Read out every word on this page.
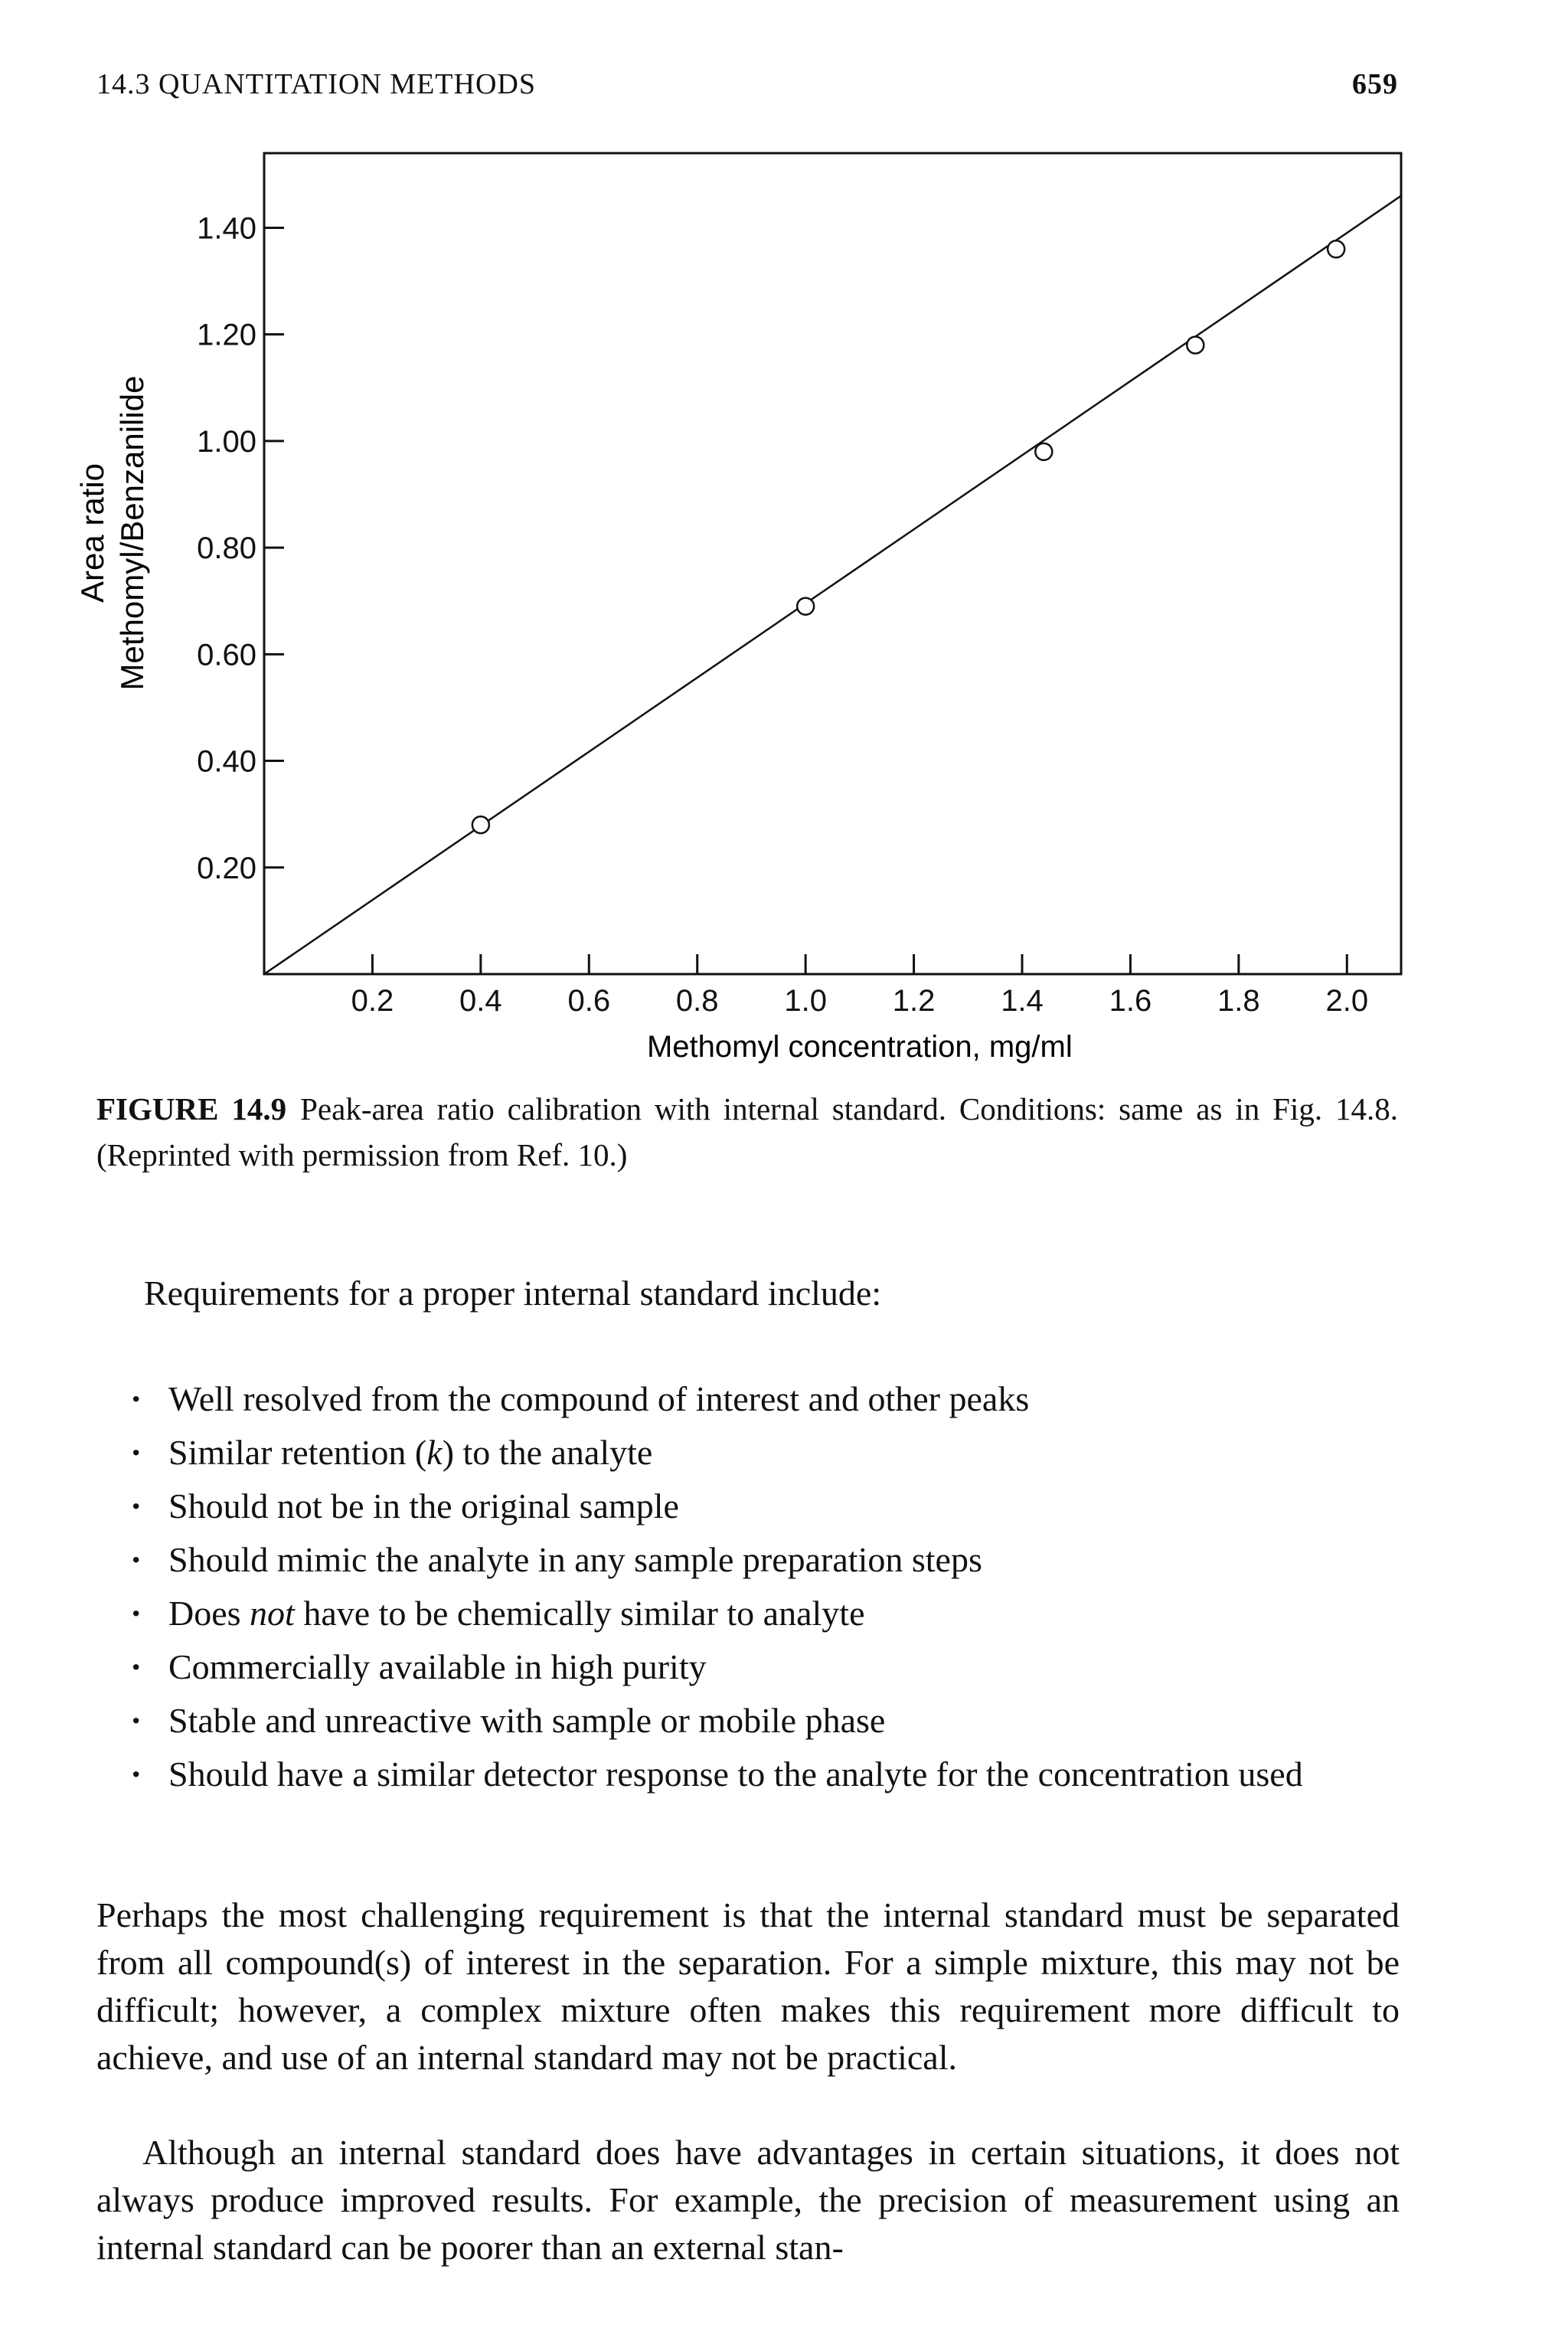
14.3 QUANTITATION METHODS	659
0.20
0.40
0.60
0.80
1.00
1.20
1.40
0.2 0.4 0.6 0.8 1.0 1.2 1.4 1.6 1.8 2.0
Area ratio Methomyl/Benzanilide
Methomyl concentration, mg/ml
FIGURE 14.9 Peak-area ratio calibration with internal standard. Conditions: same as in Fig. 14.8. (Reprinted with permission from Ref. 10.)
Requirements for a proper internal standard include:
· Well resolved from the compound of interest and other peaks
· Similar retention (k) to the analyte
· Should not be in the original sample
· Should mimic the analyte in any sample preparation steps
· Does not have to be chemically similar to analyte
· Commercially available in high purity
· Stable and unreactive with sample or mobile phase
· Should have a similar detector response to the analyte for the concentration used

Perhaps the most challenging requirement is that the internal standard must be separated from all compound(s) of interest in the separation. For a simple mixture, this may not be difficult; however, a complex mixture often makes this requirement more difficult to achieve, and use of an internal standard may not be practical.

Although an internal standard does have advantages in certain situations, it does not always produce improved results. For example, the precision of measurement using an internal standard can be poorer than an external stan-
